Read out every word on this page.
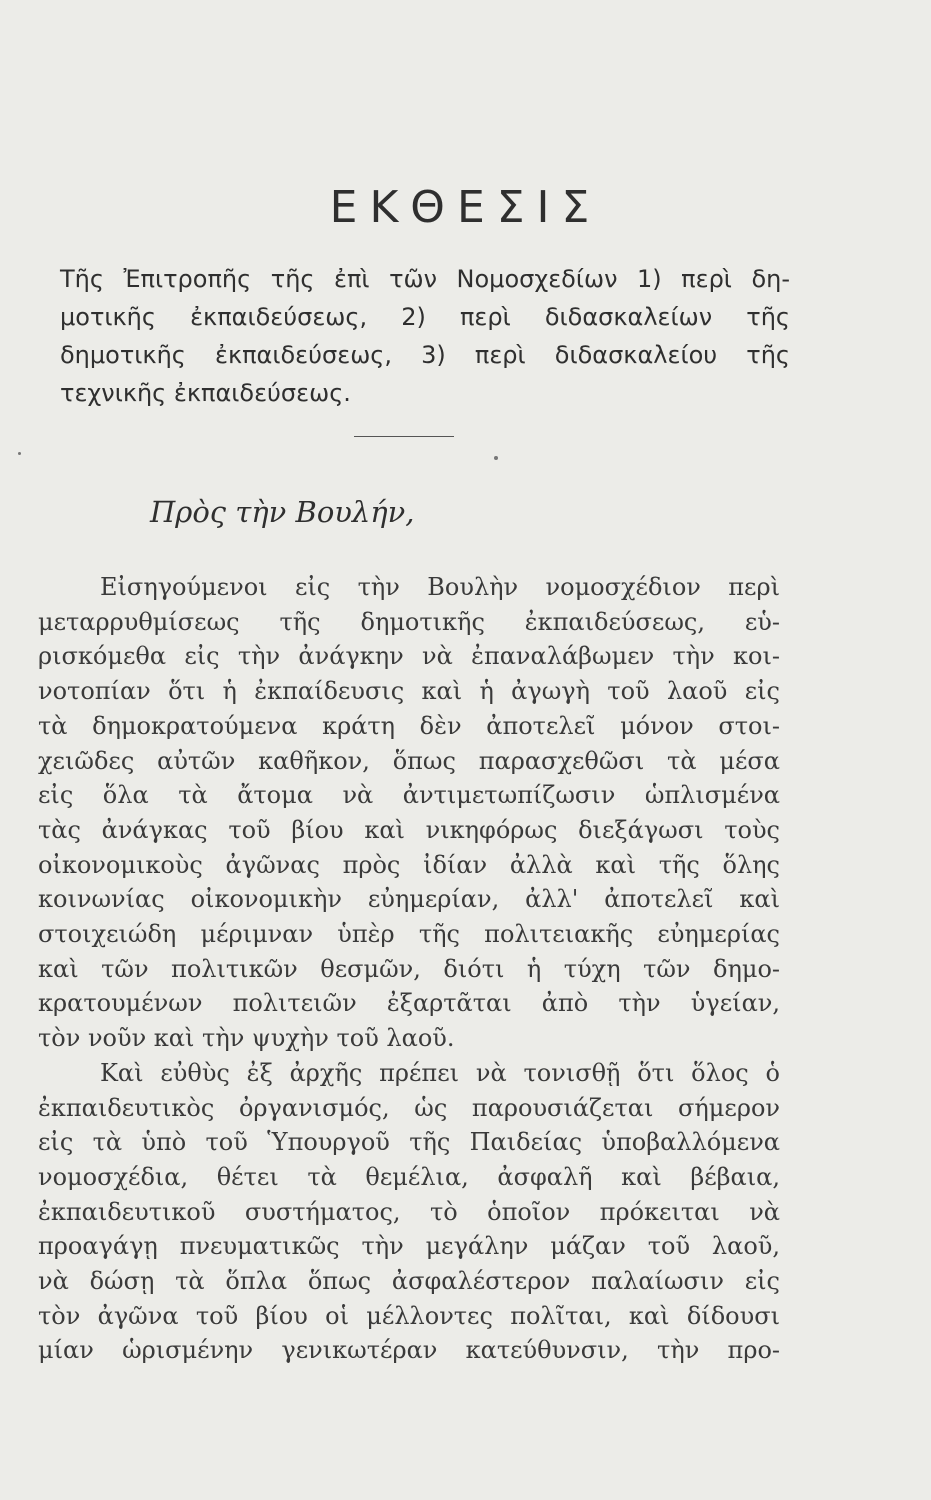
ΕΚΘΕΣΙΣ
Τῆς Ἐπιτροπῆς τῆς ἐπὶ τῶν Νομοσχεδίων 1) περὶ δη-
μοτικῆς ἐκπαιδεύσεως, 2) περὶ διδασκαλείων τῆς
δημοτικῆς ἐκπαιδεύσεως, 3) περὶ διδασκαλείου τῆς
τεχνικῆς ἐκπαιδεύσεως.
Πρὸς τὴν Βουλήν,
Εἰσηγούμενοι εἰς τὴν Βουλὴν νομοσχέδιον περὶ
μεταρρυθμίσεως τῆς δημοτικῆς ἐκπαιδεύσεως, εὑ-
ρισκόμεθα εἰς τὴν ἀνάγκην νὰ ἐπαναλάβωμεν τὴν κοι-
νοτοπίαν ὅτι ἡ ἐκπαίδευσις καὶ ἡ ἀγωγὴ τοῦ λαοῦ εἰς
τὰ δημοκρατούμενα κράτη δὲν ἀποτελεῖ μόνον στοι-
χειῶδες αὐτῶν καθῆκον, ὅπως παρασχεθῶσι τὰ μέσα
εἰς ὅλα τὰ ἄτομα νὰ ἀντιμετωπίζωσιν ὡπλισμένα
τὰς ἀνάγκας τοῦ βίου καὶ νικηφόρως διεξάγωσι τοὺς
οἰκονομικοὺς ἀγῶνας πρὸς ἰδίαν ἀλλὰ καὶ τῆς ὅλης
κοινωνίας οἰκονομικὴν εὐημερίαν, ἀλλ' ἀποτελεῖ καὶ
στοιχειώδη μέριμναν ὑπὲρ τῆς πολιτειακῆς εὐημερίας
καὶ τῶν πολιτικῶν θεσμῶν, διότι ἡ τύχη τῶν δημο-
κρατουμένων πολιτειῶν ἐξαρτᾶται ἀπὸ τὴν ὑγείαν,
τὸν νοῦν καὶ τὴν ψυχὴν τοῦ λαοῦ.
Καὶ εὐθὺς ἐξ ἀρχῆς πρέπει νὰ τονισθῇ ὅτι ὅλος ὁ
ἐκπαιδευτικὸς ὀργανισμός, ὡς παρουσιάζεται σήμερον
εἰς τὰ ὑπὸ τοῦ Ὑπουργοῦ τῆς Παιδείας ὑποβαλλόμενα
νομοσχέδια, θέτει τὰ θεμέλια, ἀσφαλῆ καὶ βέβαια,
ἐκπαιδευτικοῦ συστήματος, τὸ ὁποῖον πρόκειται νὰ
προαγάγῃ πνευματικῶς τὴν μεγάλην μάζαν τοῦ λαοῦ,
νὰ δώσῃ τὰ ὅπλα ὅπως ἀσφαλέστερον παλαίωσιν εἰς
τὸν ἀγῶνα τοῦ βίου οἱ μέλλοντες πολῖται, καὶ δίδουσι
μίαν ὡρισμένην γενικωτέραν κατεύθυνσιν, τὴν προ-
